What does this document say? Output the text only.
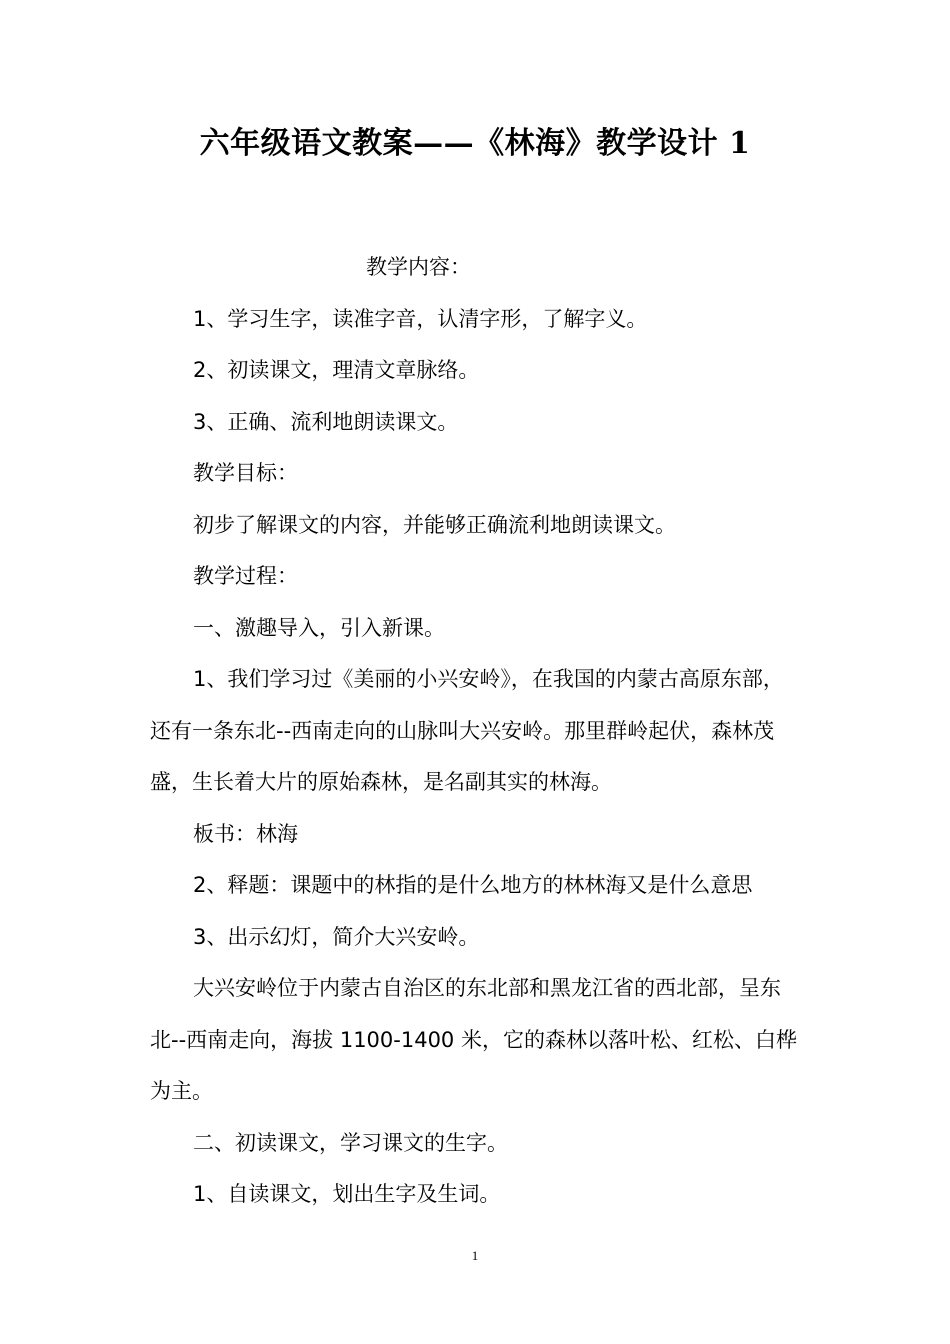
六年级语文教案——《林海》教学设计 1

教学内容：

1、学习生字，读准字音，认清字形，了解字义。

2、初读课文，理清文章脉络。

3、正确、流利地朗读课文。

教学目标：

初步了解课文的内容，并能够正确流利地朗读课文。

教学过程：

一、激趣导入，引入新课。

1、我们学习过《美丽的小兴安岭》，在我国的内蒙古高原东部，还有一条东北--西南走向的山脉叫大兴安岭。那里群岭起伏，森林茂盛，生长着大片的原始森林，是名副其实的林海。

板书：林海

2、释题：课题中的林指的是什么地方的林林海又是什么意思

3、出示幻灯，简介大兴安岭。

大兴安岭位于内蒙古自治区的东北部和黑龙江省的西北部，呈东北--西南走向，海拔 1100-1400 米，它的森林以落叶松、红松、白桦为主。

二、初读课文，学习课文的生字。

1、自读课文，划出生字及生词。

1
